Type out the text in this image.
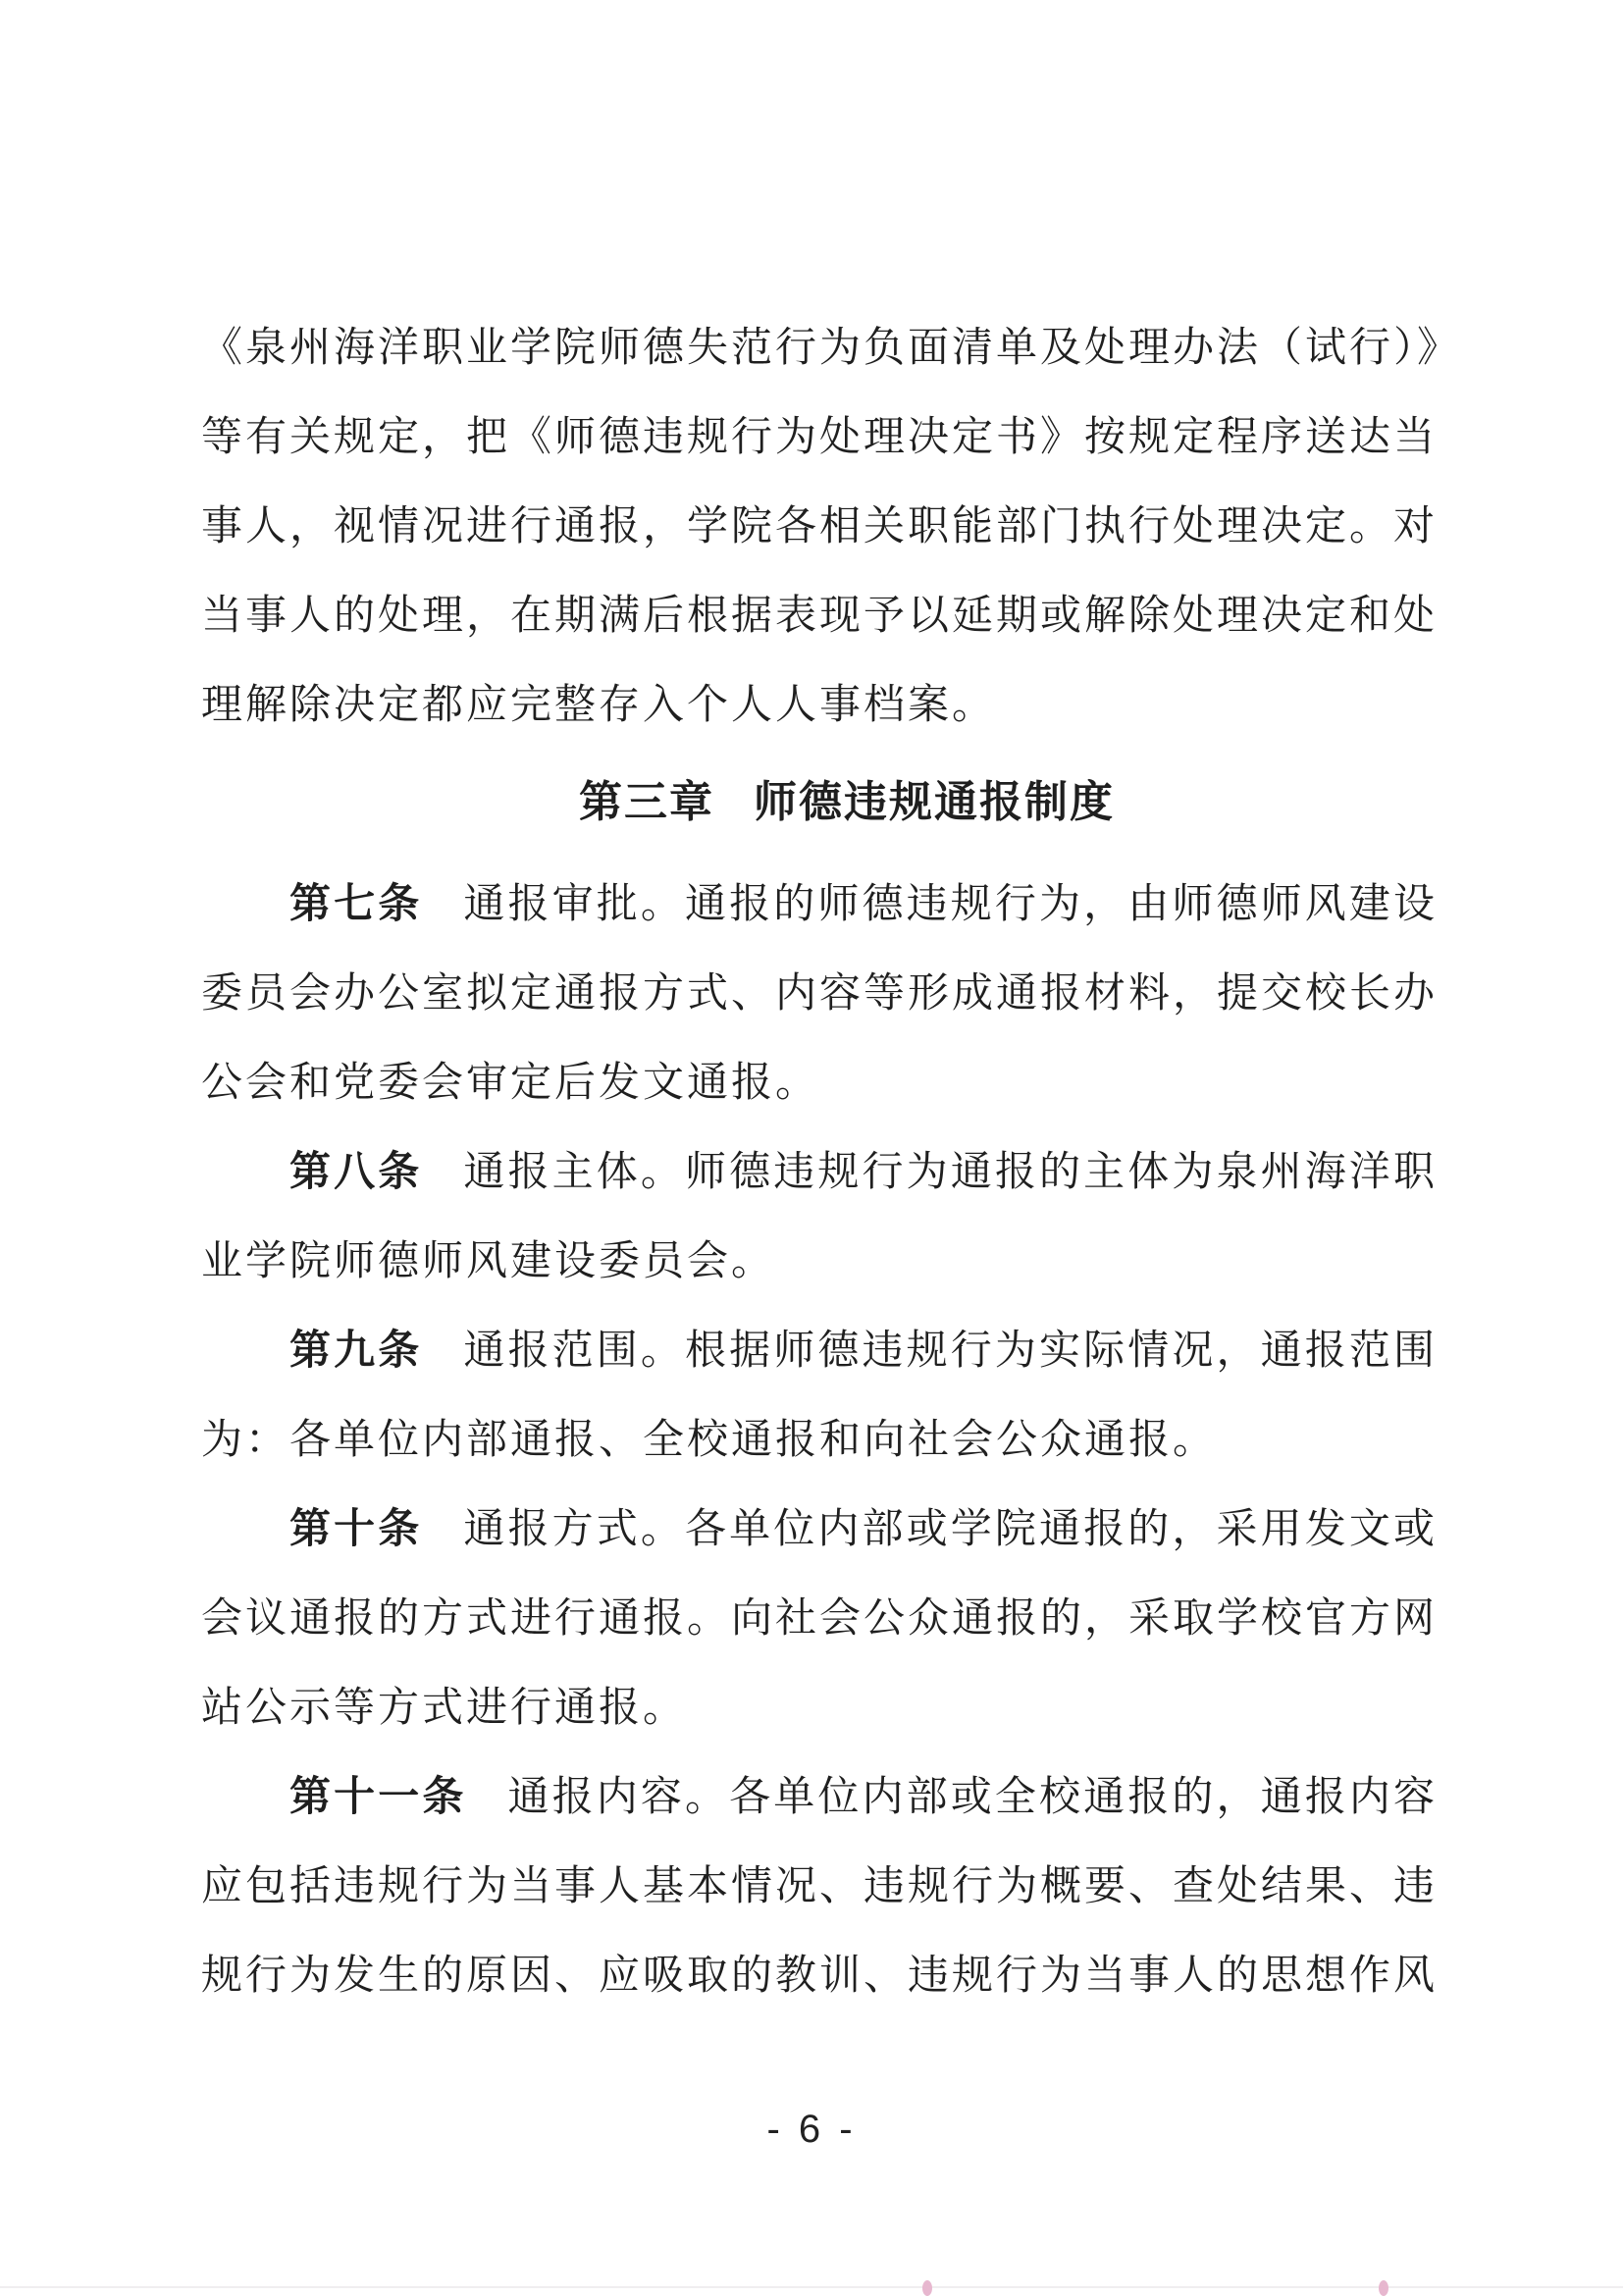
《泉州海洋职业学院师德失范行为负面清单及处理办法（试行）》
等有关规定，把《师德违规行为处理决定书》按规定程序送达当
事人，视情况进行通报，学院各相关职能部门执行处理决定。对
当事人的处理，在期满后根据表现予以延期或解除处理决定和处
理解除决定都应完整存入个人人事档案。
第三章 师德违规通报制度
第七条 通报审批。通报的师德违规行为，由师德师风建设
委员会办公室拟定通报方式、内容等形成通报材料，提交校长办
公会和党委会审定后发文通报。
第八条 通报主体。师德违规行为通报的主体为泉州海洋职
业学院师德师风建设委员会。
第九条 通报范围。根据师德违规行为实际情况，通报范围
为：各单位内部通报、全校通报和向社会公众通报。
第十条 通报方式。各单位内部或学院通报的，采用发文或
会议通报的方式进行通报。向社会公众通报的，采取学校官方网
站公示等方式进行通报。
第十一条 通报内容。各单位内部或全校通报的，通报内容
应包括违规行为当事人基本情况、违规行为概要、查处结果、违
规行为发生的原因、应吸取的教训、违规行为当事人的思想作风
- 6 -
